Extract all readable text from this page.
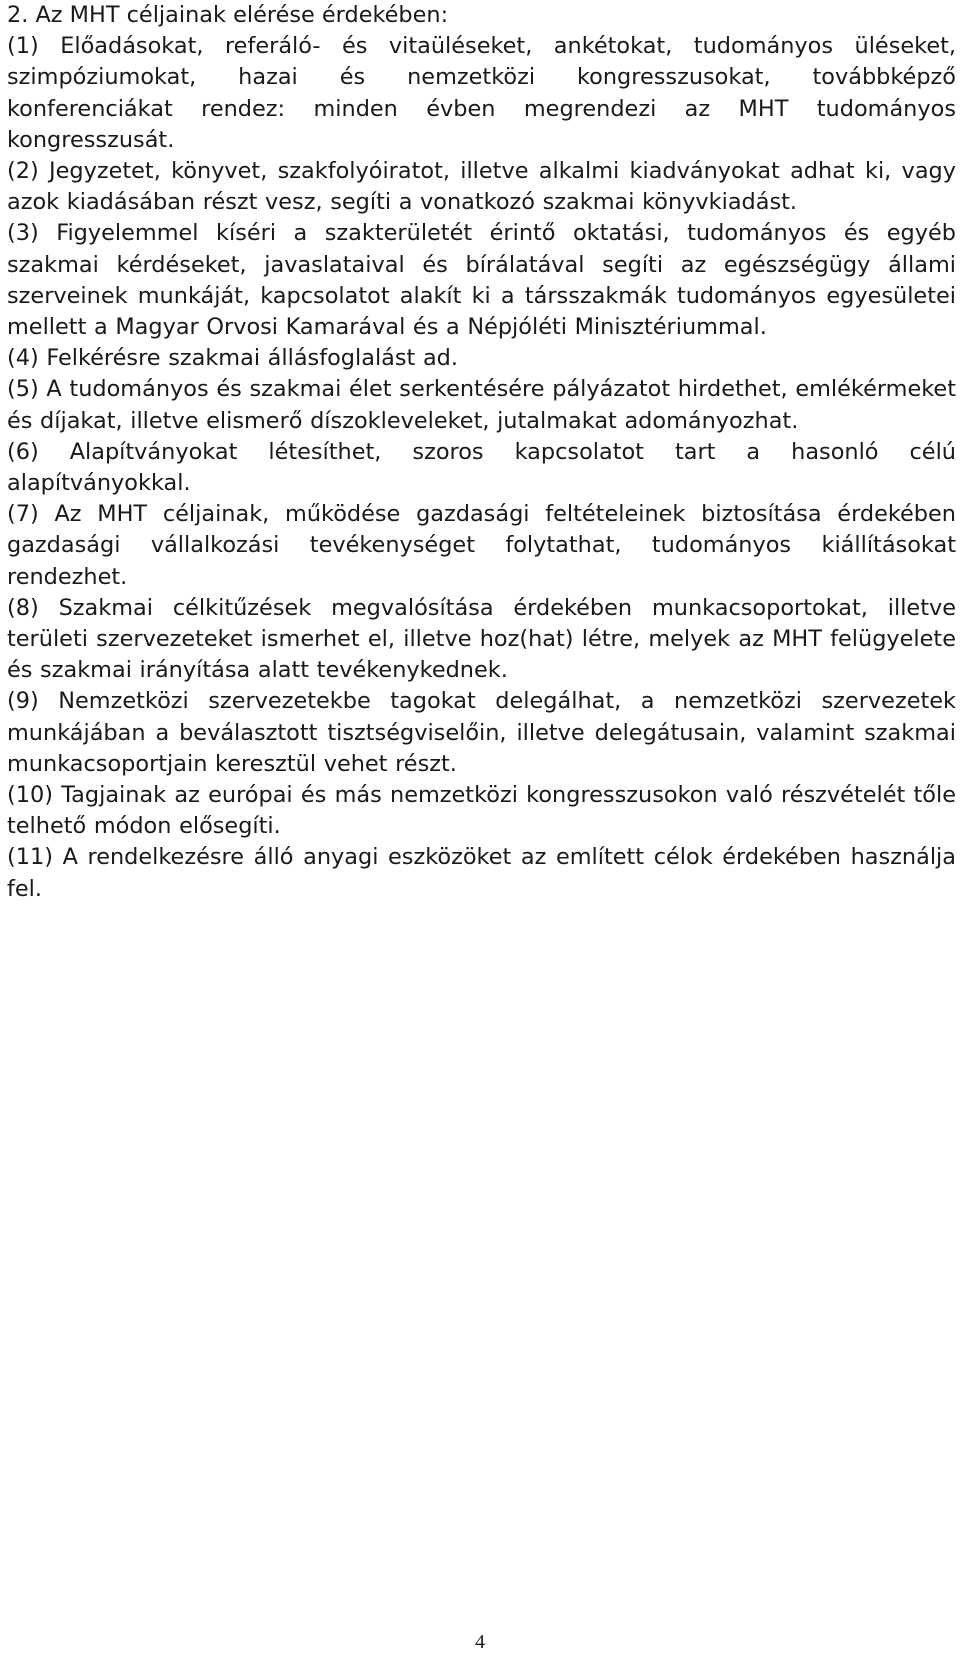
2. Az MHT céljainak elérése érdekében:

(1) Előadásokat, referáló- és vitaüléseket, ankétokat, tudományos üléseket, szimpóziumokat, hazai és nemzetközi kongresszusokat, továbbképző konferenciákat rendez: minden évben megrendezi az MHT tudományos kongresszusát.

(2) Jegyzetet, könyvet, szakfolyóiratot, illetve alkalmi kiadványokat adhat ki, vagy azok kiadásában részt vesz, segíti a vonatkozó szakmai könyvkiadást.

(3) Figyelemmel kíséri a szakterületét érintő oktatási, tudományos és egyéb szakmai kérdéseket, javaslataival és bírálatával segíti az egészségügy állami szerveinek munkáját, kapcsolatot alakít ki a társszakmák tudományos egyesületei mellett a Magyar Orvosi Kamarával és a Népjóléti Minisztériummal.

(4) Felkérésre szakmai állásfoglalást ad.

(5) A tudományos és szakmai élet serkentésére pályázatot hirdethet, emlékérmeket és díjakat, illetve elismerő díszokleveleket, jutalmakat adományozhat.

(6) Alapítványokat létesíthet, szoros kapcsolatot tart a hasonló célú alapítványokkal.

(7) Az MHT céljainak, működése gazdasági feltételeinek biztosítása érdekében gazdasági vállalkozási tevékenységet folytathat, tudományos kiállításokat rendezhet.

(8) Szakmai célkitűzések megvalósítása érdekében munkacsoportokat, illetve területi szervezeteket ismerhet el, illetve hoz(hat) létre, melyek az MHT felügyelete és szakmai irányítása alatt tevékenykednek.

(9) Nemzetközi szervezetekbe tagokat delegálhat, a nemzetközi szervezetek munkájában a beválasztott tisztségviselőin, illetve delegátusain, valamint szakmai munkacsoportjain keresztül vehet részt.

(10) Tagjainak az európai és más nemzetközi kongresszusokon való részvételét tőle telhető módon elősegíti.

(11) A rendelkezésre álló anyagi eszközöket az említett célok érdekében használja fel.

4
